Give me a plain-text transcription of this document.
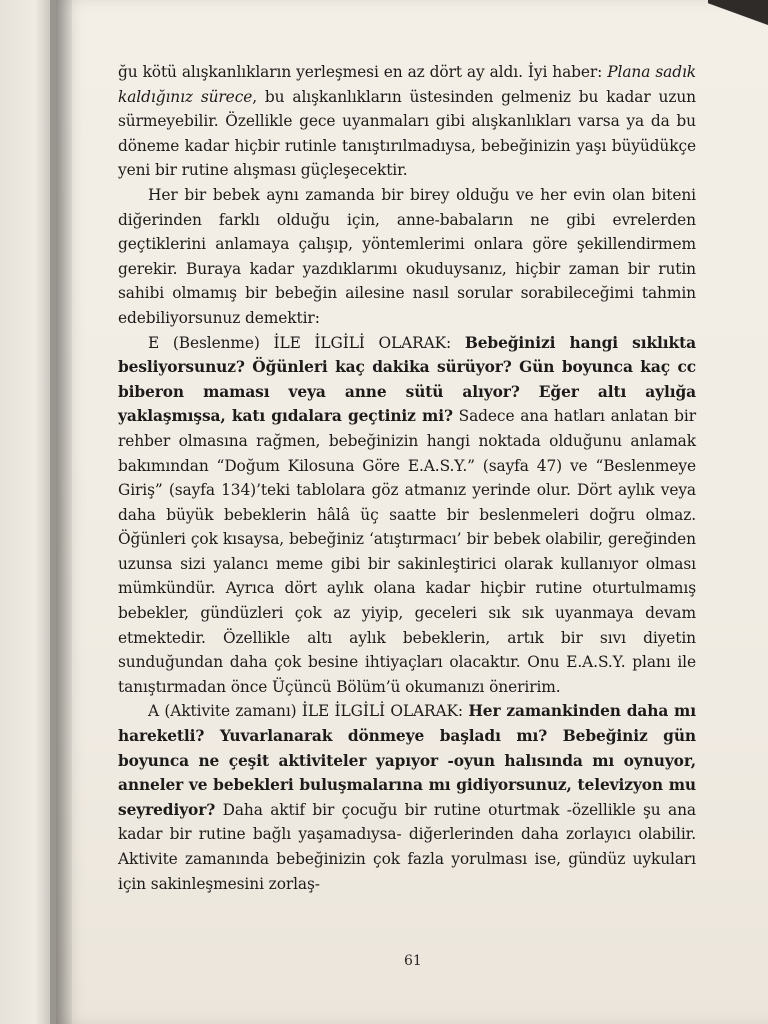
ğu kötü alışkanlıkların yerleşmesi en az dört ay aldı. İyi haber: Plana sadık kaldığınız sürece, bu alışkanlıkların üstesinden gelmeniz bu kadar uzun sürmeyebilir. Özellikle gece uyanmaları gibi alışkanlıkları varsa ya da bu döneme kadar hiçbir rutinle tanıştırılmadıysa, bebeğinizin yaşı büyüdükçe yeni bir rutine alışması güçleşecektir.

Her bir bebek aynı zamanda bir birey olduğu ve her evin olan biteni diğerinden farklı olduğu için, anne-babaların ne gibi evrelerden geçtiklerini anlamaya çalışıp, yöntemlerimi onlara göre şekillendirmem gerekir. Buraya kadar yazdıklarımı okuduysanız, hiçbir zaman bir rutin sahibi olmamış bir bebeğin ailesine nasıl sorular sorabileceğimi tahmin edebiliyorsunuz demektir:

E (Beslenme) İLE İLGİLİ OLARAK: Bebeğinizi hangi sıklıkta besliyorsunuz? Öğünleri kaç dakika sürüyor? Gün boyunca kaç cc biberon maması veya anne sütü alıyor? Eğer altı aylığa yaklaşmışsa, katı gıdalara geçtiniz mi? Sadece ana hatları anlatan bir rehber olmasına rağmen, bebeğinizin hangi noktada olduğunu anlamak bakımından “Doğum Kilosuna Göre E.A.S.Y.” (sayfa 47) ve “Beslenmeye Giriş” (sayfa 134)’teki tablolara göz atmanız yerinde olur. Dört aylık veya daha büyük bebeklerin hâlâ üç saatte bir beslenmeleri doğru olmaz. Öğünleri çok kısaysa, bebeğiniz ‘atıştırmacı’ bir bebek olabilir, gereğinden uzunsa sizi yalancı meme gibi bir sakinleştirici olarak kullanıyor olması mümkündür. Ayrıca dört aylık olana kadar hiçbir rutine oturtulmamış bebekler, gündüzleri çok az yiyip, geceleri sık sık uyanmaya devam etmektedir. Özellikle altı aylık bebeklerin, artık bir sıvı diyetin sunduğundan daha çok besine ihtiyaçları olacaktır. Onu E.A.S.Y. planı ile tanıştırmadan önce Üçüncü Bölüm’ü okumanızı öneririm.

A (Aktivite zamanı) İLE İLGİLİ OLARAK: Her zamankinden daha mı hareketli? Yuvarlanarak dönmeye başladı mı? Bebeğiniz gün boyunca ne çeşit aktiviteler yapıyor -oyun halısında mı oynuyor, anneler ve bebekleri buluşmalarına mı gidiyorsunuz, televizyon mu seyrediyor? Daha aktif bir çocuğu bir rutine oturtmak -özellikle şu ana kadar bir rutine bağlı yaşamadıysa- diğerlerinden daha zorlayıcı olabilir. Aktivite zamanında bebeğinizin çok fazla yorulması ise, gündüz uykuları için sakinleşmesini zorlaş-

61
